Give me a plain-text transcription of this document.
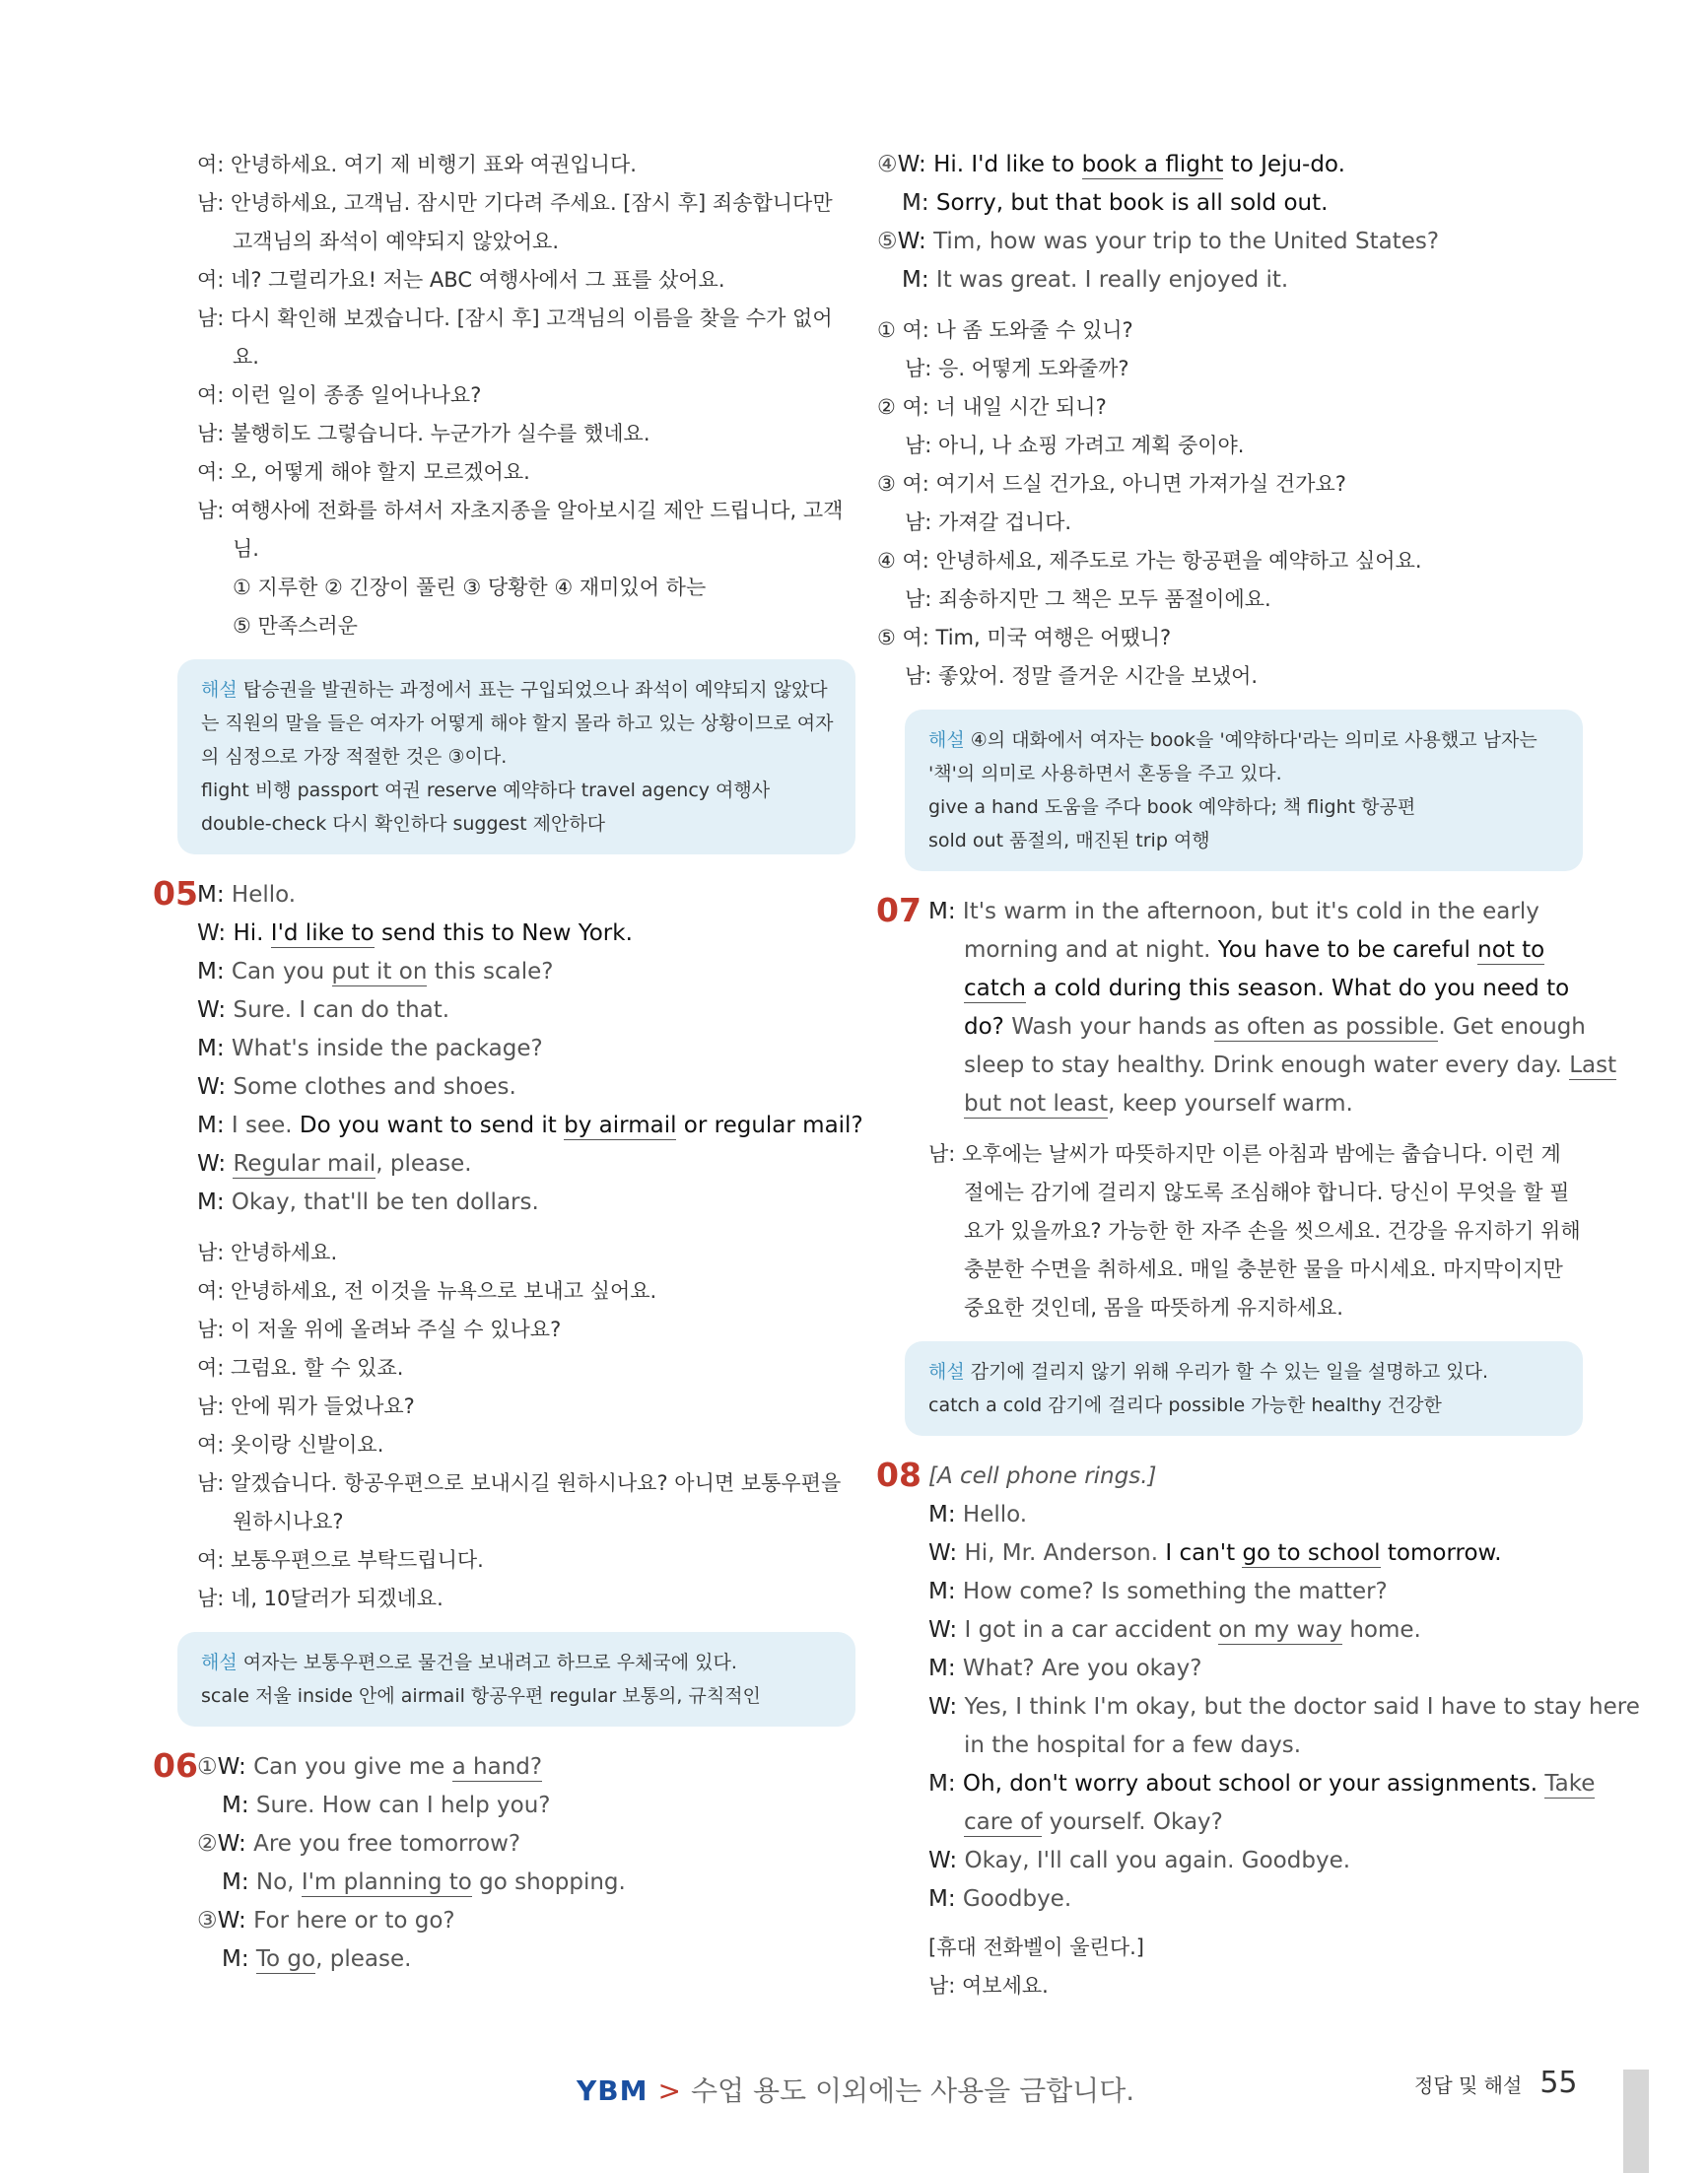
여: 안녕하세요. 여기 제 비행기 표와 여권입니다.
남: 안녕하세요, 고객님. 잠시만 기다려 주세요. [잠시 후] 죄송합니다만
고객님의 좌석이 예약되지 않았어요.
여: 네? 그럴리가요! 저는 ABC 여행사에서 그 표를 샀어요.
남: 다시 확인해 보겠습니다. [잠시 후] 고객님의 이름을 찾을 수가 없어
요.
여: 이런 일이 종종 일어나나요?
남: 불행히도 그렇습니다. 누군가가 실수를 했네요.
여: 오, 어떻게 해야 할지 모르겠어요.
남: 여행사에 전화를 하셔서 자초지종을 알아보시길 제안 드립니다, 고객
님.
① 지루한 ② 긴장이 풀린 ③ 당황한 ④ 재미있어 하는
⑤ 만족스러운
해설 탑승권을 발권하는 과정에서 표는 구입되었으나 좌석이 예약되지 않았다
는 직원의 말을 들은 여자가 어떻게 해야 할지 몰라 하고 있는 상황이므로 여자
의 심정으로 가장 적절한 것은 ③이다.
flight 비행 passport 여권 reserve 예약하다 travel agency 여행사
double-check 다시 확인하다 suggest 제안하다
05 M: Hello.
W: Hi. I'd like to send this to New York.
M: Can you put it on this scale?
W: Sure. I can do that.
M: What's inside the package?
W: Some clothes and shoes.
M: I see. Do you want to send it by airmail or regular mail?
W: Regular mail, please.
M: Okay, that'll be ten dollars.
남: 안녕하세요.
여: 안녕하세요, 전 이것을 뉴욕으로 보내고 싶어요.
남: 이 저울 위에 올려놔 주실 수 있나요?
여: 그럼요. 할 수 있죠.
남: 안에 뭐가 들었나요?
여: 옷이랑 신발이요.
남: 알겠습니다. 항공우편으로 보내시길 원하시나요? 아니면 보통우편을
원하시나요?
여: 보통우편으로 부탁드립니다.
남: 네, 10달러가 되겠네요.
해설 여자는 보통우편으로 물건을 보내려고 하므로 우체국에 있다.
scale 저울 inside 안에 airmail 항공우편 regular 보통의, 규칙적인
06 ①W: Can you give me a hand?
M: Sure. How can I help you?
②W: Are you free tomorrow?
M: No, I'm planning to go shopping.
③W: For here or to go?
M: To go, please.
④W: Hi. I'd like to book a flight to Jeju-do.
M: Sorry, but that book is all sold out.
⑤W: Tim, how was your trip to the United States?
M: It was great. I really enjoyed it.
① 여: 나 좀 도와줄 수 있니?
남: 응. 어떻게 도와줄까?
② 여: 너 내일 시간 되니?
남: 아니, 나 쇼핑 가려고 계획 중이야.
③ 여: 여기서 드실 건가요, 아니면 가져가실 건가요?
남: 가져갈 겁니다.
④ 여: 안녕하세요, 제주도로 가는 항공편을 예약하고 싶어요.
남: 죄송하지만 그 책은 모두 품절이에요.
⑤ 여: Tim, 미국 여행은 어땠니?
남: 좋았어. 정말 즐거운 시간을 보냈어.
해설 ④의 대화에서 여자는 book을 '예약하다'라는 의미로 사용했고 남자는
'책'의 의미로 사용하면서 혼동을 주고 있다.
give a hand 도움을 주다 book 예약하다; 책 flight 항공편
sold out 품절의, 매진된 trip 여행
07 M: It's warm in the afternoon, but it's cold in the early
morning and at night. You have to be careful not to
catch a cold during this season. What do you need to
do? Wash your hands as often as possible. Get enough
sleep to stay healthy. Drink enough water every day. Last
but not least, keep yourself warm.
남: 오후에는 날씨가 따뜻하지만 이른 아침과 밤에는 춥습니다. 이런 계
절에는 감기에 걸리지 않도록 조심해야 합니다. 당신이 무엇을 할 필
요가 있을까요? 가능한 한 자주 손을 씻으세요. 건강을 유지하기 위해
충분한 수면을 취하세요. 매일 충분한 물을 마시세요. 마지막이지만
중요한 것인데, 몸을 따뜻하게 유지하세요.
해설 감기에 걸리지 않기 위해 우리가 할 수 있는 일을 설명하고 있다.
catch a cold 감기에 걸리다 possible 가능한 healthy 건강한
08 [A cell phone rings.]
M: Hello.
W: Hi, Mr. Anderson. I can't go to school tomorrow.
M: How come? Is something the matter?
W: I got in a car accident on my way home.
M: What? Are you okay?
W: Yes, I think I'm okay, but the doctor said I have to stay here
in the hospital for a few days.
M: Oh, don't worry about school or your assignments. Take
care of yourself. Okay?
W: Okay, I'll call you again. Goodbye.
M: Goodbye.
[휴대 전화벨이 울린다.]
남: 여보세요.
YBM > 수업 용도 이외에는 사용을 금합니다.	정답 및 해설 55
